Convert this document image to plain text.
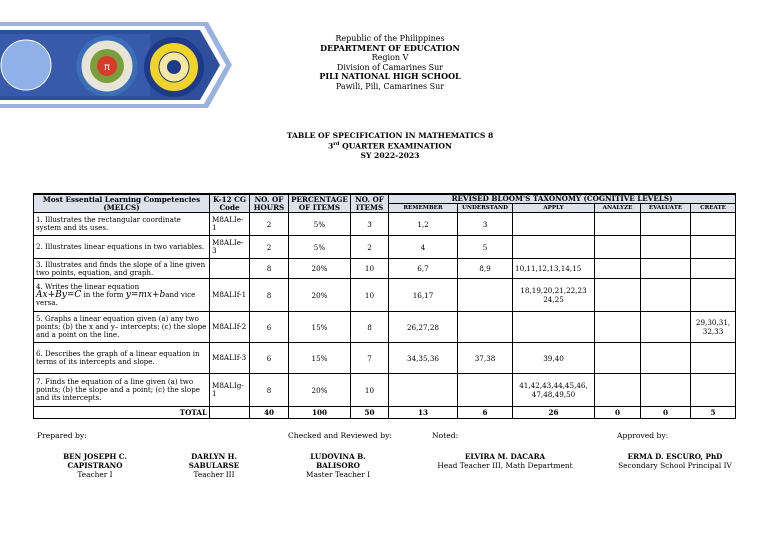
π
Republic of the Philippines
DEPARTMENT OF EDUCATION
Region V
Division of Camarines Sur
PILI NATIONAL HIGH SCHOOL
Pawili, Pili, Camarines Sur
TABLE OF SPECIFICATION IN MATHEMATICS 8
3rd QUARTER EXAMINATION
SY 2022-2023
Most Essential Learning Competencies (MELCS)	K-12 CG Code	NO. OF HOURS	PERCENTAGE OF ITEMS	NO. OF ITEMS	REVISED BLOOM'S TAXONOMY (COGNITIVE LEVELS)					
					REMEMBER	UNDERSTAND	APPLY	ANALYZE	EVALUATE	CREATE
1. Illustrates the rectangular coordinate system and its uses.	M8ALIe-1	2	5%	3	1,2	3				
2. Illustrates linear equations in two variables.	M8ALIe-3	2	5%	2	4	5				
3. Illustrates and finds the slope of a line given two points, equation, and graph.		8	20%	10	6,7	8,9	10,11,12,13,14,15			
4. Writes the linear equation
Ax+By=C in the form y=mx+band vice versa.	M8ALIf-1	8	20%	10	16,17		18,19,20,21,22,23 24,25			
5. Graphs a linear equation given (a) any two points; (b) the x and y– intercepts; (c) the slope and a point on the line.	M8ALIf-2	6	15%	8	26,27,28					29,30,31, 32,33
6. Describes the graph of a linear equation in terms of its intercepts and slope.	M8ALIf-3	6	15%	7	34,35,36	37,38	39,40			
7. Finds the equation of a line given (a) two points; (b) the slope and a point; (c) the slope and its intercepts.	M8ALIg-1	8	20%	10			41,42,43,44,45,46, 47,48,49,50			
TOTAL		40	100	50	13	6	26	0	0	5
Prepared by:	Checked and Reviewed by:	Noted:	Approved by:
BEN JOSEPH C. CAPISTRANO
Teacher I
DARLYN H. SABULARSE
Teacher III
LUDOVINA B. BALISORO
Master Teacher I
ELVIRA M. DACARA
Head Teacher III, Math Department
ERMA D. ESCURO, PhD
Secondary School Principal IV
